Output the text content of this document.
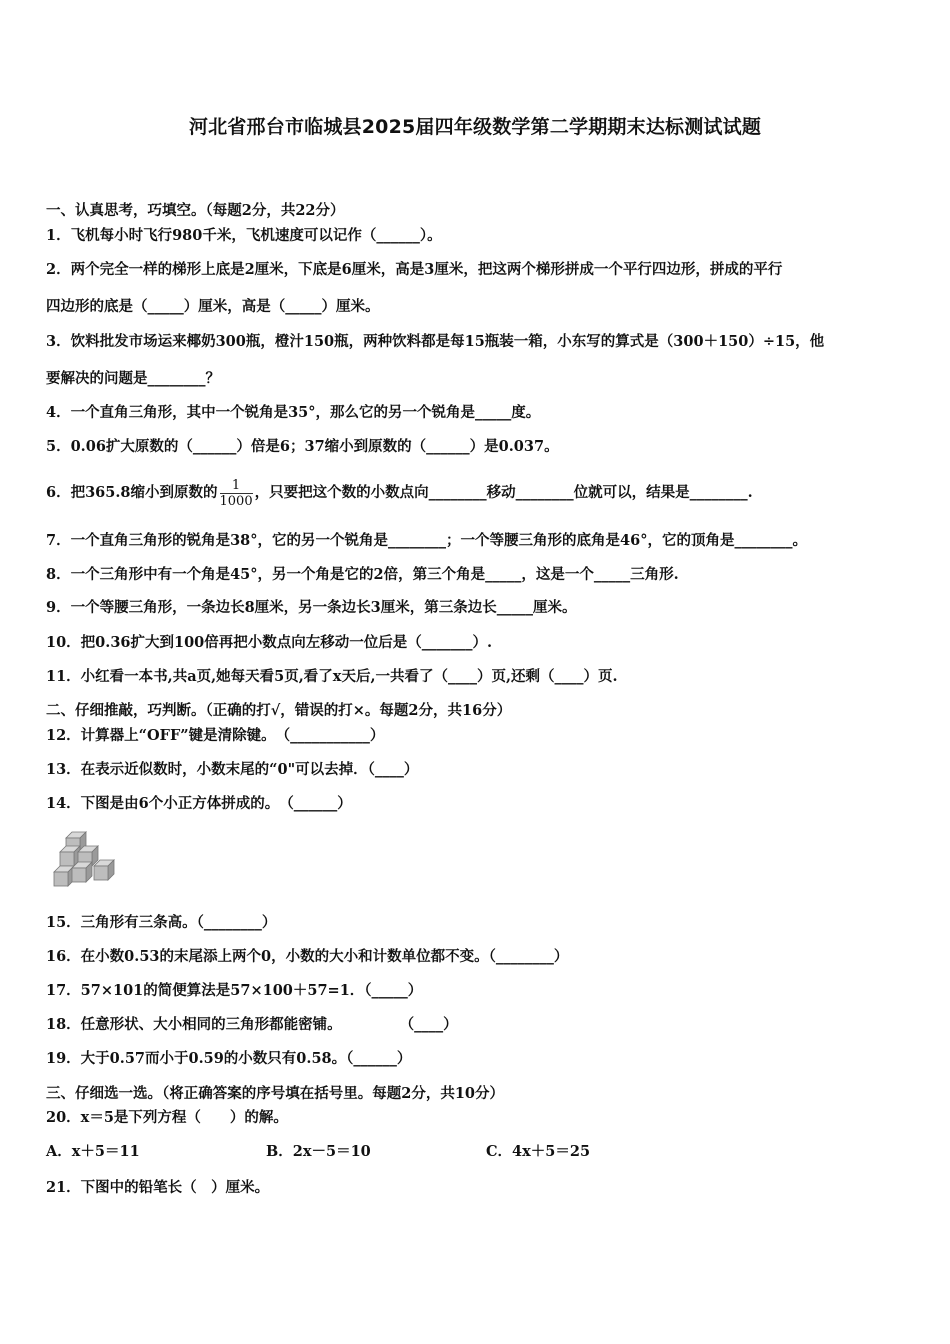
河北省邢台市临城县2025届四年级数学第二学期期末达标测试试题
一、认真思考，巧填空。（每题2分，共22分）
1．飞机每小时飞行980千米，飞机速度可以记作（______）。
2．两个完全一样的梯形上底是2厘米，下底是6厘米，高是3厘米，把这两个梯形拼成一个平行四边形，拼成的平行
四边形的底是（_____）厘米，高是（_____）厘米。
3．饮料批发市场运来椰奶300瓶，橙汁150瓶，两种饮料都是每15瓶装一箱，小东写的算式是（300＋150）÷15，他
要解决的问题是________？
4．一个直角三角形，其中一个锐角是35°，那么它的另一个锐角是_____度。
5．0.06扩大原数的（______）倍是6；37缩小到原数的（______）是0.037。
6．把365.8缩小到原数的 $\frac{1}{1000}$ ，只要把这个数的小数点向________移动________位就可以，结果是________.
7．一个直角三角形的锐角是38°，它的另一个锐角是________；一个等腰三角形的底角是46°，它的顶角是________。
8．一个三角形中有一个角是45°，另一个角是它的2倍，第三个角是_____，这是一个_____三角形.
9．一个等腰三角形，一条边长8厘米，另一条边长3厘米，第三条边长_____厘米。
10．把0.36扩大到100倍再把小数点向左移动一位后是（_______）.
11．小红看一本书,共a页,她每天看5页,看了x天后,一共看了（____）页,还剩（____）页.
二、仔细推敲，巧判断。（正确的打√，错误的打×。每题2分，共16分）
12．计算器上“OFF”键是清除键。　（___________）
13．在表示近似数时，小数末尾的“0"可以去掉．（____）
14．下图是由6个小正方体拼成的。　（______）
15．三角形有三条高。（________）
16．在小数0.53的末尾添上两个0，小数的大小和计数单位都不变。（________）
17．57×101的简便算法是57×100＋57=1．（_____）
18．任意形状、大小相同的三角形都能密铺。　　　　　（____）
19．大于0.57而小于0.59的小数只有0.58。（______）
三、仔细选一选。（将正确答案的序号填在括号里。每题2分，共10分）
20．x＝5是下列方程（　　）的解。
A．x＋5＝11	B．2x－5＝10	C．4x＋5＝25
21．下图中的铅笔长（　）厘米。
